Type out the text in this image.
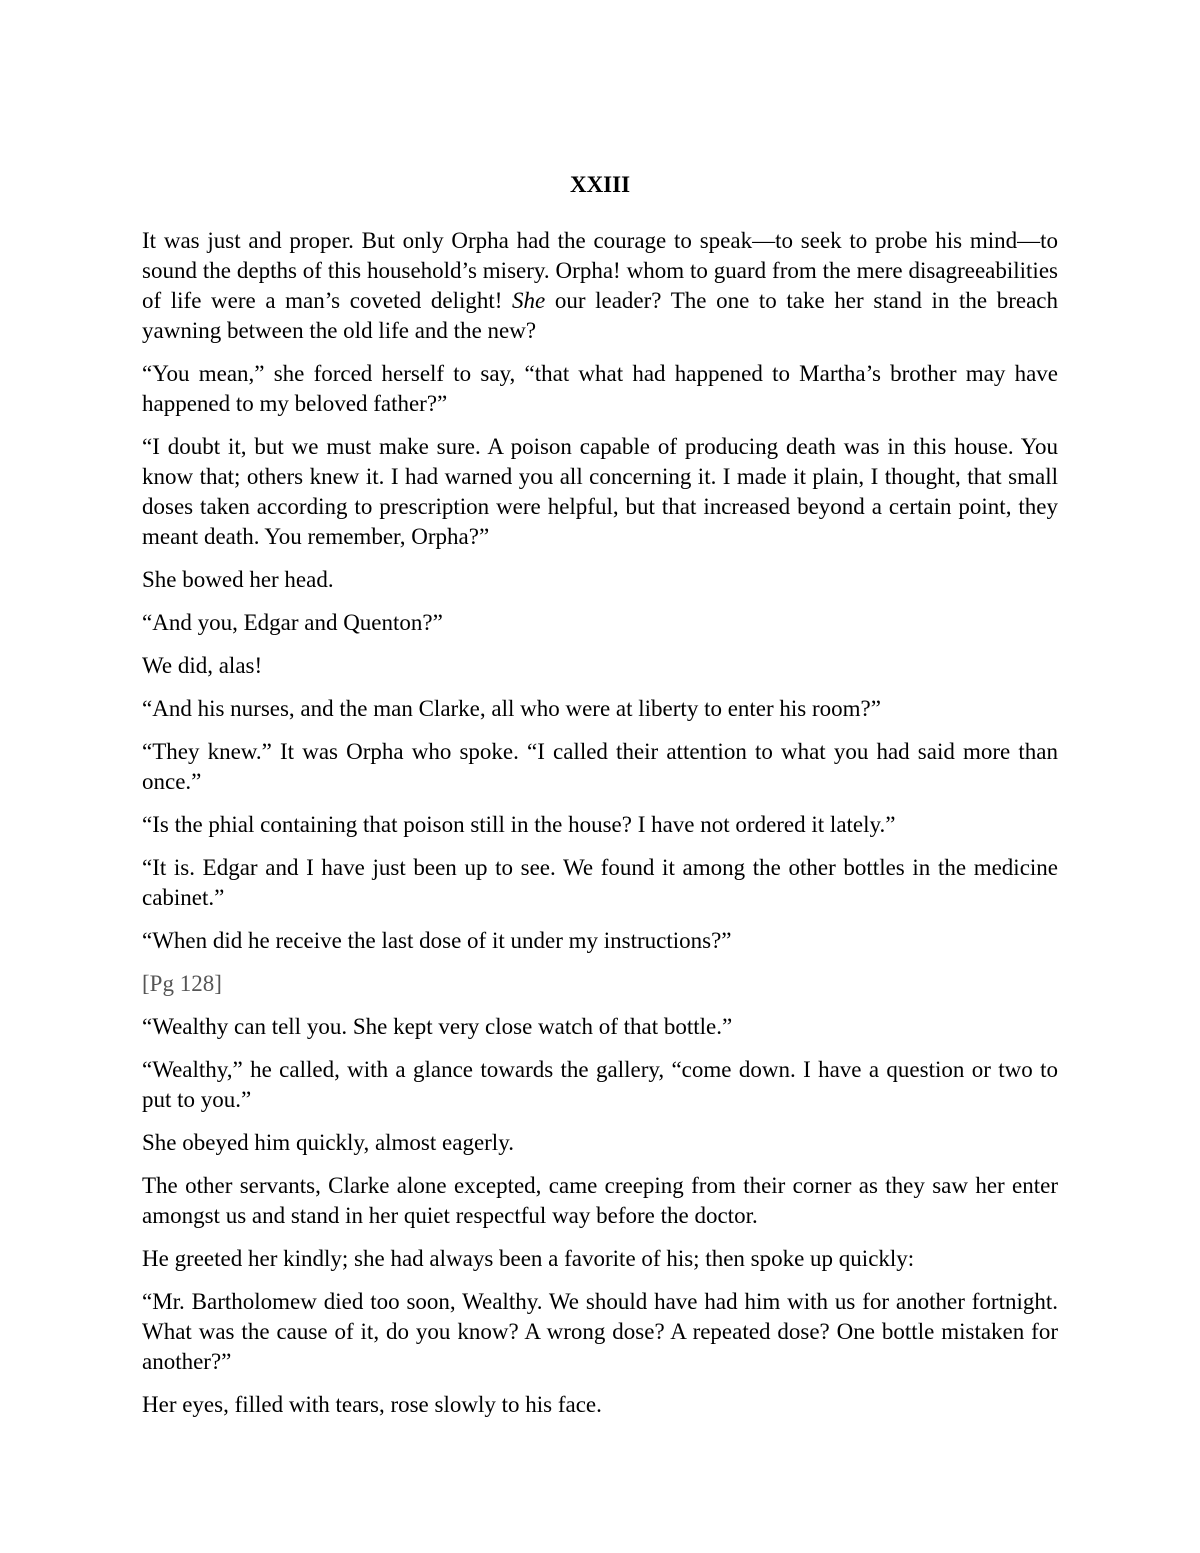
XXIII

It was just and proper. But only Orpha had the courage to speak—to seek to probe his mind—to sound the depths of this household’s misery. Orpha! whom to guard from the mere disagreeabilities of life were a man’s coveted delight! She our leader? The one to take her stand in the breach yawning between the old life and the new?

“You mean,” she forced herself to say, “that what had happened to Martha’s brother may have happened to my beloved father?”

“I doubt it, but we must make sure. A poison capable of producing death was in this house. You know that; others knew it. I had warned you all concerning it. I made it plain, I thought, that small doses taken according to prescription were helpful, but that increased beyond a certain point, they meant death. You remember, Orpha?”

She bowed her head.

“And you, Edgar and Quenton?”

We did, alas!

“And his nurses, and the man Clarke, all who were at liberty to enter his room?”

“They knew.” It was Orpha who spoke. “I called their attention to what you had said more than once.”

“Is the phial containing that poison still in the house? I have not ordered it lately.”

“It is. Edgar and I have just been up to see. We found it among the other bottles in the medicine cabinet.”

“When did he receive the last dose of it under my instructions?”

[Pg 128]

“Wealthy can tell you. She kept very close watch of that bottle.”

“Wealthy,” he called, with a glance towards the gallery, “come down. I have a question or two to put to you.”

She obeyed him quickly, almost eagerly.

The other servants, Clarke alone excepted, came creeping from their corner as they saw her enter amongst us and stand in her quiet respectful way before the doctor.

He greeted her kindly; she had always been a favorite of his; then spoke up quickly:

“Mr. Bartholomew died too soon, Wealthy. We should have had him with us for another fortnight. What was the cause of it, do you know? A wrong dose? A repeated dose? One bottle mistaken for another?”

Her eyes, filled with tears, rose slowly to his face.
